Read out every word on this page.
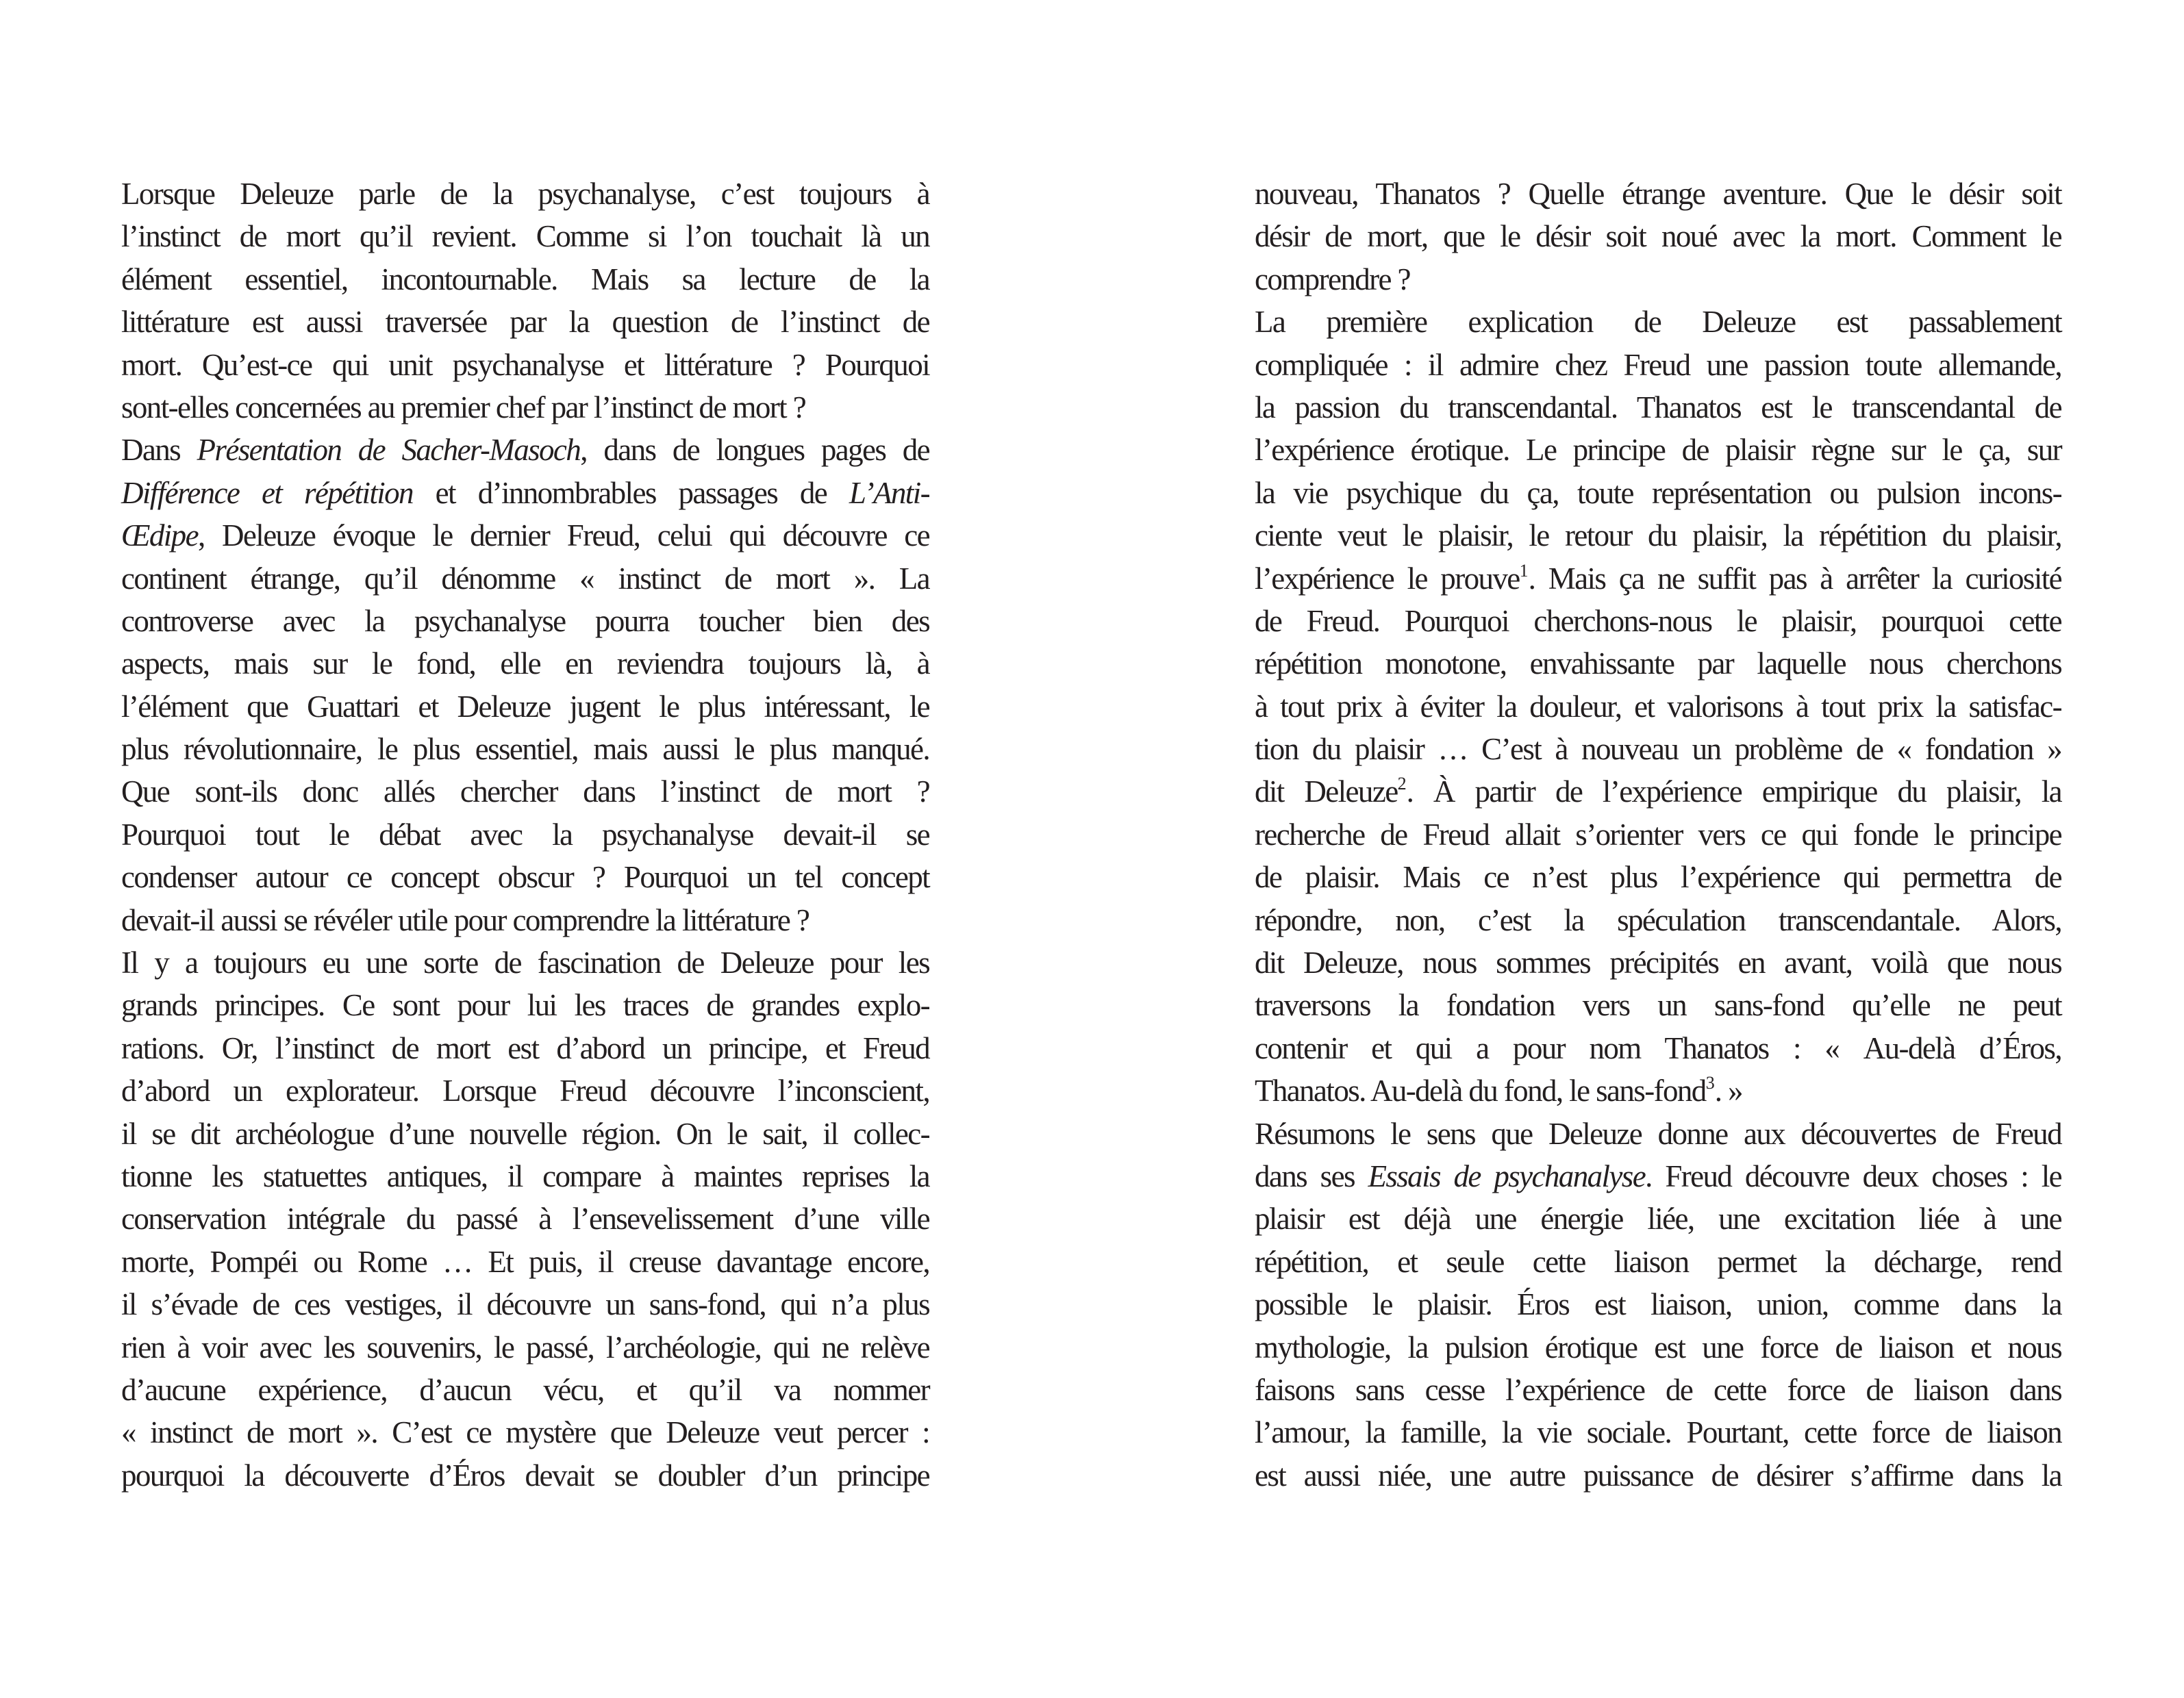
Lorsque Deleuze parle de la psychanalyse, c’est toujours à
l’instinct de mort qu’il revient. Comme si l’on touchait là un
élément essentiel, incontournable. Mais sa lecture de la
littérature est aussi traversée par la question de l’instinct de
mort. Qu’est-ce qui unit psychanalyse et littérature ? Pourquoi
sont-elles concernées au premier chef par l’instinct de mort ?
Dans Présentation de Sacher-Masoch, dans de longues pages de
Différence et répétition et d’innombrables passages de L’Anti-
Œdipe, Deleuze évoque le dernier Freud, celui qui découvre ce
continent étrange, qu’il dénomme « instinct de mort ». La
controverse avec la psychanalyse pourra toucher bien des
aspects, mais sur le fond, elle en reviendra toujours là, à
l’élément que Guattari et Deleuze jugent le plus intéressant, le
plus révolutionnaire, le plus essentiel, mais aussi le plus manqué.
Que sont-ils donc allés chercher dans l’instinct de mort ?
Pourquoi tout le débat avec la psychanalyse devait-il se
condenser autour ce concept obscur ? Pourquoi un tel concept
devait-il aussi se révéler utile pour comprendre la littérature ?
Il y a toujours eu une sorte de fascination de Deleuze pour les
grands principes. Ce sont pour lui les traces de grandes explo-
rations. Or, l’instinct de mort est d’abord un principe, et Freud
d’abord un explorateur. Lorsque Freud découvre l’inconscient,
il se dit archéologue d’une nouvelle région. On le sait, il collec-
tionne les statuettes antiques, il compare à maintes reprises la
conservation intégrale du passé à l’ensevelissement d’une ville
morte, Pompéi ou Rome … Et puis, il creuse davantage encore,
il s’évade de ces vestiges, il découvre un sans-fond, qui n’a plus
rien à voir avec les souvenirs, le passé, l’archéologie, qui ne relève
d’aucune expérience, d’aucun vécu, et qu’il va nommer
« instinct de mort ». C’est ce mystère que Deleuze veut percer :
pourquoi la découverte d’Éros devait se doubler d’un principe
nouveau, Thanatos ? Quelle étrange aventure. Que le désir soit
désir de mort, que le désir soit noué avec la mort. Comment le
comprendre ?
La première explication de Deleuze est passablement
compliquée : il admire chez Freud une passion toute allemande,
la passion du transcendantal. Thanatos est le transcendantal de
l’expérience érotique. Le principe de plaisir règne sur le ça, sur
la vie psychique du ça, toute représentation ou pulsion incons-
ciente veut le plaisir, le retour du plaisir, la répétition du plaisir,
l’expérience le prouve$^1$. Mais ça ne suffit pas à arrêter la curiosité
de Freud. Pourquoi cherchons-nous le plaisir, pourquoi cette
répétition monotone, envahissante par laquelle nous cherchons
à tout prix à éviter la douleur, et valorisons à tout prix la satisfac-
tion du plaisir … C’est à nouveau un problème de « fondation »
dit Deleuze$^2$. À partir de l’expérience empirique du plaisir, la
recherche de Freud allait s’orienter vers ce qui fonde le principe
de plaisir. Mais ce n’est plus l’expérience qui permettra de
répondre, non, c’est la spéculation transcendantale. Alors,
dit Deleuze, nous sommes précipités en avant, voilà que nous
traversons la fondation vers un sans-fond qu’elle ne peut
contenir et qui a pour nom Thanatos : « Au-delà d’Éros,
Thanatos. Au-delà du fond, le sans-fond$^3$. »
Résumons le sens que Deleuze donne aux découvertes de Freud
dans ses Essais de psychanalyse. Freud découvre deux choses : le
plaisir est déjà une énergie liée, une excitation liée à une
répétition, et seule cette liaison permet la décharge, rend
possible le plaisir. Éros est liaison, union, comme dans la
mythologie, la pulsion érotique est une force de liaison et nous
faisons sans cesse l’expérience de cette force de liaison dans
l’amour, la famille, la vie sociale. Pourtant, cette force de liaison
est aussi niée, une autre puissance de désirer s’affirme dans la
